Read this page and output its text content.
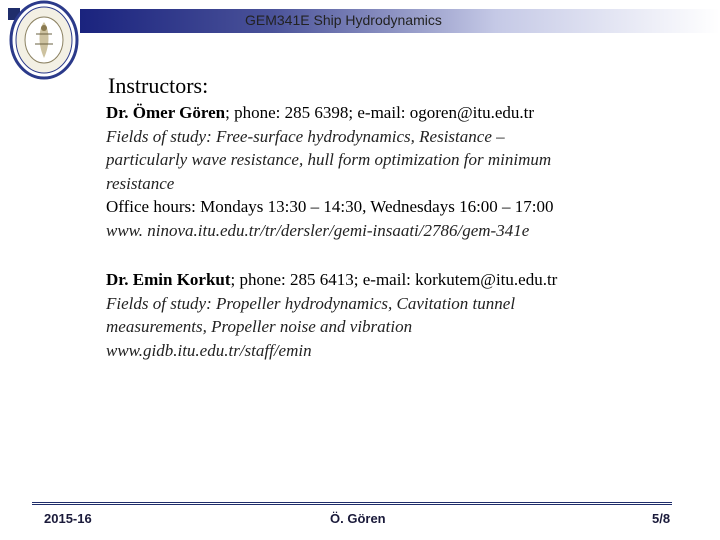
GEM341E Ship Hydrodynamics
Instructors:
Dr. Ömer Gören; phone: 285 6398; e-mail: ogoren@itu.edu.tr
Fields of study: Free-surface hydrodynamics, Resistance –
particularly wave resistance, hull form optimization for minimum
resistance
Office hours: Mondays 13:30 – 14:30, Wednesdays 16:00 – 17:00
www. ninova.itu.edu.tr/tr/dersler/gemi-insaati/2786/gem-341e
Dr. Emin Korkut; phone: 285 6413; e-mail: korkutem@itu.edu.tr
Fields of study: Propeller hydrodynamics, Cavitation tunnel
measurements, Propeller noise and vibration
www.gidb.itu.edu.tr/staff/emin
2015-16	Ö. Gören	5/8
